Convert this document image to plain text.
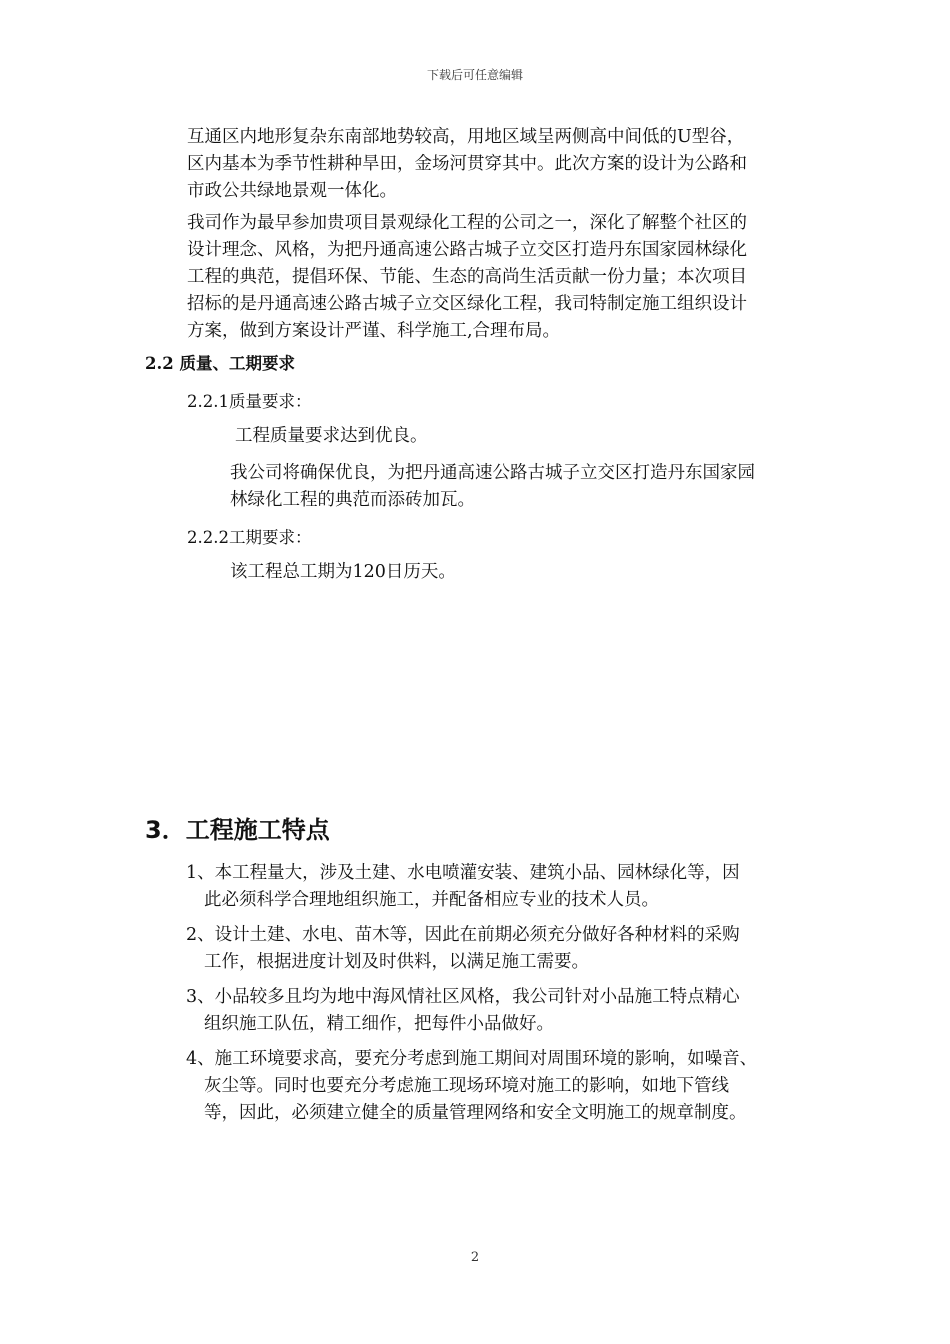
下载后可任意编辑
互通区内地形复杂东南部地势较高，用地区域呈两侧高中间低的U型谷，
区内基本为季节性耕种旱田，金场河贯穿其中。此次方案的设计为公路和
市政公共绿地景观一体化。
我司作为最早参加贵项目景观绿化工程的公司之一，深化了解整个社区的
设计理念、风格，为把丹通高速公路古城子立交区打造丹东国家园林绿化
工程的典范，提倡环保、节能、生态的高尚生活贡献一份力量；本次项目
招标的是丹通高速公路古城子立交区绿化工程，我司特制定施工组织设计
方案，做到方案设计严谨、科学施工,合理布局。
2.2 质量、工期要求
2.2.1质量要求：
工程质量要求达到优良。
我公司将确保优良，为把丹通高速公路古城子立交区打造丹东国家园
林绿化工程的典范而添砖加瓦。
2.2.2工期要求：
该工程总工期为120日历天。
3．工程施工特点
1、本工程量大，涉及土建、水电喷灌安装、建筑小品、园林绿化等，因
此必须科学合理地组织施工，并配备相应专业的技术人员。
2、设计土建、水电、苗木等，因此在前期必须充分做好各种材料的采购
工作，根据进度计划及时供料，以满足施工需要。
3、小品较多且均为地中海风情社区风格，我公司针对小品施工特点精心
组织施工队伍，精工细作，把每件小品做好。
4、施工环境要求高，要充分考虑到施工期间对周围环境的影响，如噪音、
灰尘等。同时也要充分考虑施工现场环境对施工的影响，如地下管线
等，因此，必须建立健全的质量管理网络和安全文明施工的规章制度。
2
